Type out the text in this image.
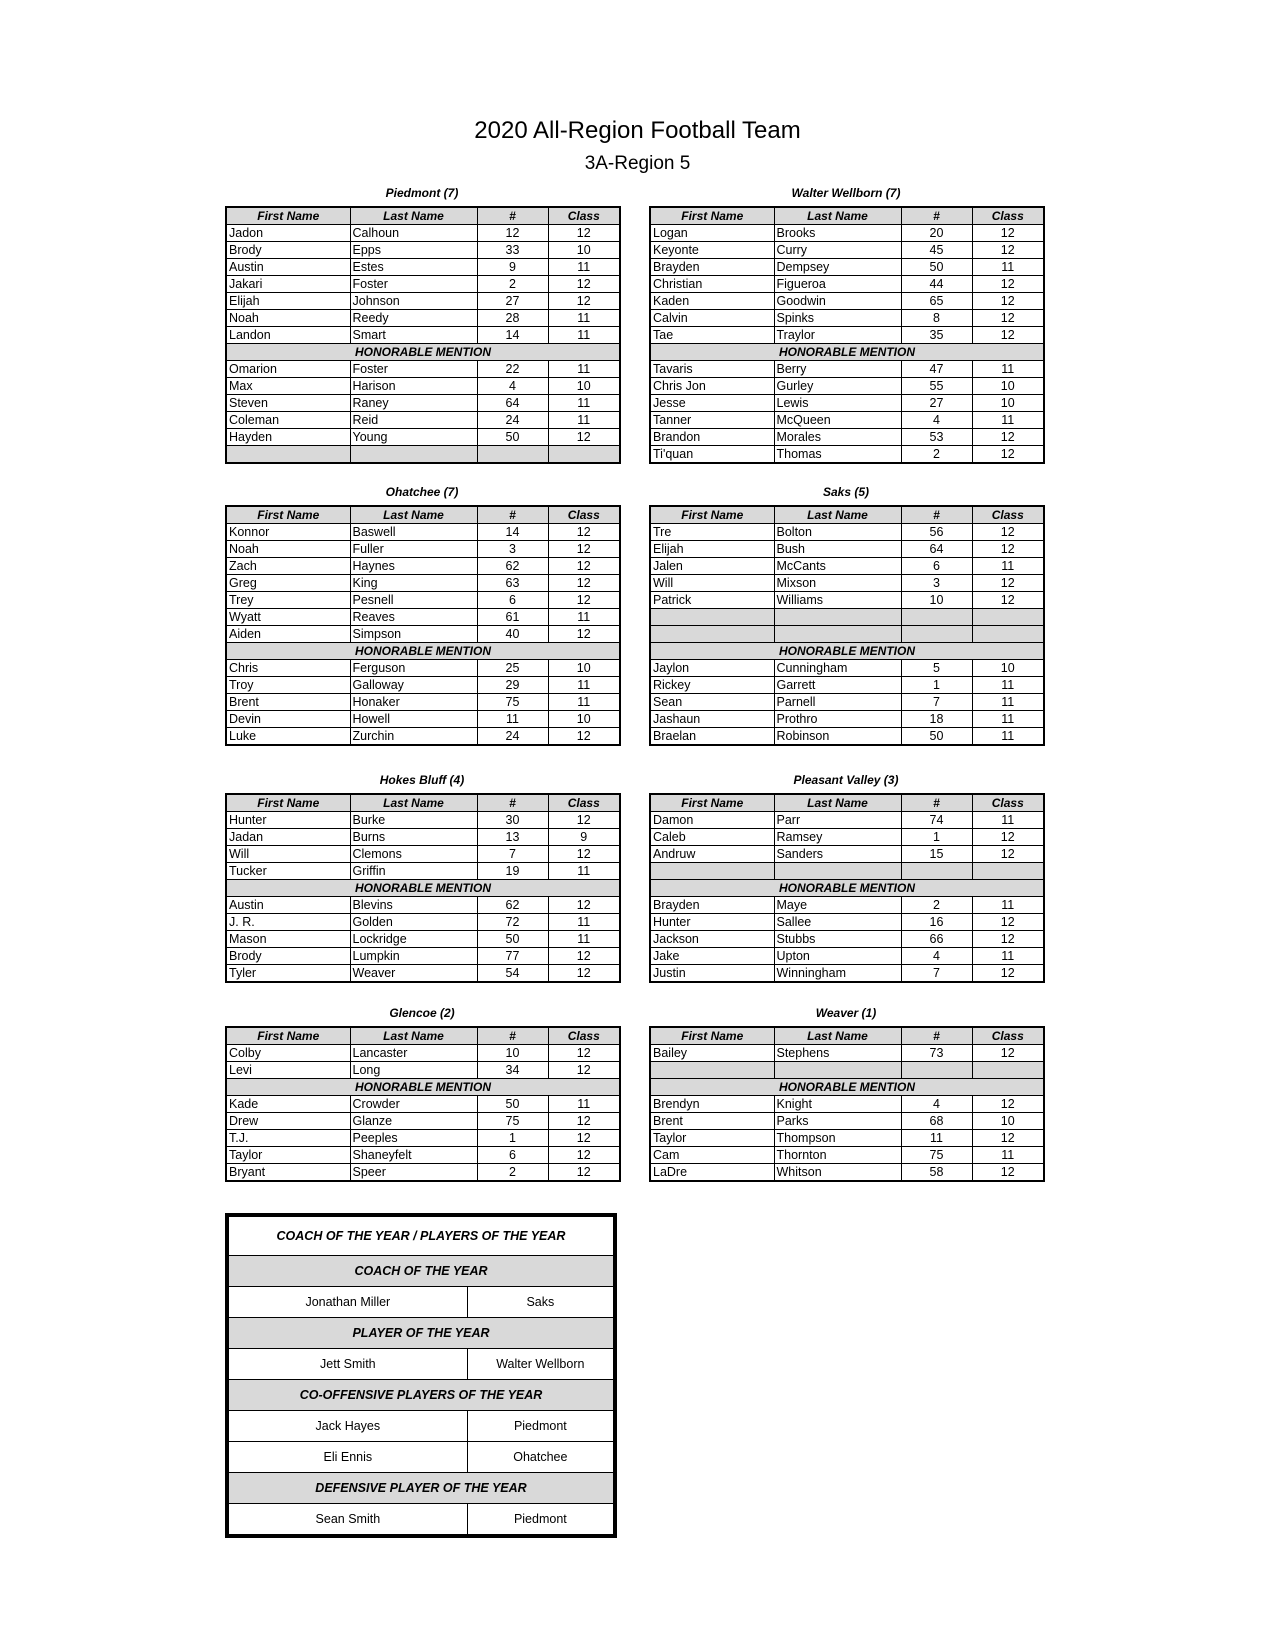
2020 All-Region Football Team
3A-Region 5
Piedmont (7)
First Name	Last Name	#	Class
Jadon	Calhoun	12	12
Brody	Epps	33	10
Austin	Estes	9	11
Jakari	Foster	2	12
Elijah	Johnson	27	12
Noah	Reedy	28	11
Landon	Smart	14	11
HONORABLE MENTION			
Omarion	Foster	22	11
Max	Harison	4	10
Steven	Raney	64	11
Coleman	Reid	24	11
Hayden	Young	50	12

Walter Wellborn (7)
First Name	Last Name	#	Class
Logan	Brooks	20	12
Keyonte	Curry	45	12
Brayden	Dempsey	50	11
Christian	Figueroa	44	12
Kaden	Goodwin	65	12
Calvin	Spinks	8	12
Tae	Traylor	35	12
HONORABLE MENTION			
Tavaris	Berry	47	11
Chris Jon	Gurley	55	10
Jesse	Lewis	27	10
Tanner	McQueen	4	11
Brandon	Morales	53	12
Ti'quan	Thomas	2	12
Ohatchee (7)
First Name	Last Name	#	Class
Konnor	Baswell	14	12
Noah	Fuller	3	12
Zach	Haynes	62	12
Greg	King	63	12
Trey	Pesnell	6	12
Wyatt	Reaves	61	11
Aiden	Simpson	40	12
HONORABLE MENTION			
Chris	Ferguson	25	10
Troy	Galloway	29	11
Brent	Honaker	75	11
Devin	Howell	11	10
Luke	Zurchin	24	12
Saks (5)
First Name	Last Name	#	Class
Tre	Bolton	56	12
Elijah	Bush	64	12
Jalen	McCants	6	11
Will	Mixson	3	12
Patrick	Williams	10	12

HONORABLE MENTION			
Jaylon	Cunningham	5	10
Rickey	Garrett	1	11
Sean	Parnell	7	11
Jashaun	Prothro	18	11
Braelan	Robinson	50	11
Hokes Bluff (4)
First Name	Last Name	#	Class
Hunter	Burke	30	12
Jadan	Burns	13	9
Will	Clemons	7	12
Tucker	Griffin	19	11
HONORABLE MENTION			
Austin	Blevins	62	12
J. R.	Golden	72	11
Mason	Lockridge	50	11
Brody	Lumpkin	77	12
Tyler	Weaver	54	12
Pleasant Valley (3)
First Name	Last Name	#	Class
Damon	Parr	74	11
Caleb	Ramsey	1	12
Andruw	Sanders	15	12

HONORABLE MENTION			
Brayden	Maye	2	11
Hunter	Sallee	16	12
Jackson	Stubbs	66	12
Jake	Upton	4	11
Justin	Winningham	7	12
Glencoe (2)
First Name	Last Name	#	Class
Colby	Lancaster	10	12
Levi	Long	34	12
HONORABLE MENTION			
Kade	Crowder	50	11
Drew	Glanze	75	12
T.J.	Peeples	1	12
Taylor	Shaneyfelt	6	12
Bryant	Speer	2	12
Weaver (1)
First Name	Last Name	#	Class
Bailey	Stephens	73	12

HONORABLE MENTION			
Brendyn	Knight	4	12
Brent	Parks	68	10
Taylor	Thompson	11	12
Cam	Thornton	75	11
LaDre	Whitson	58	12
COACH OF THE YEAR / PLAYERS OF THE YEAR	
COACH OF THE YEAR	
Jonathan Miller	Saks
PLAYER OF THE YEAR	
Jett Smith	Walter Wellborn
CO-OFFENSIVE PLAYERS OF THE YEAR	
Jack Hayes	Piedmont
Eli Ennis	Ohatchee
DEFENSIVE PLAYER OF THE YEAR	
Sean Smith	Piedmont
